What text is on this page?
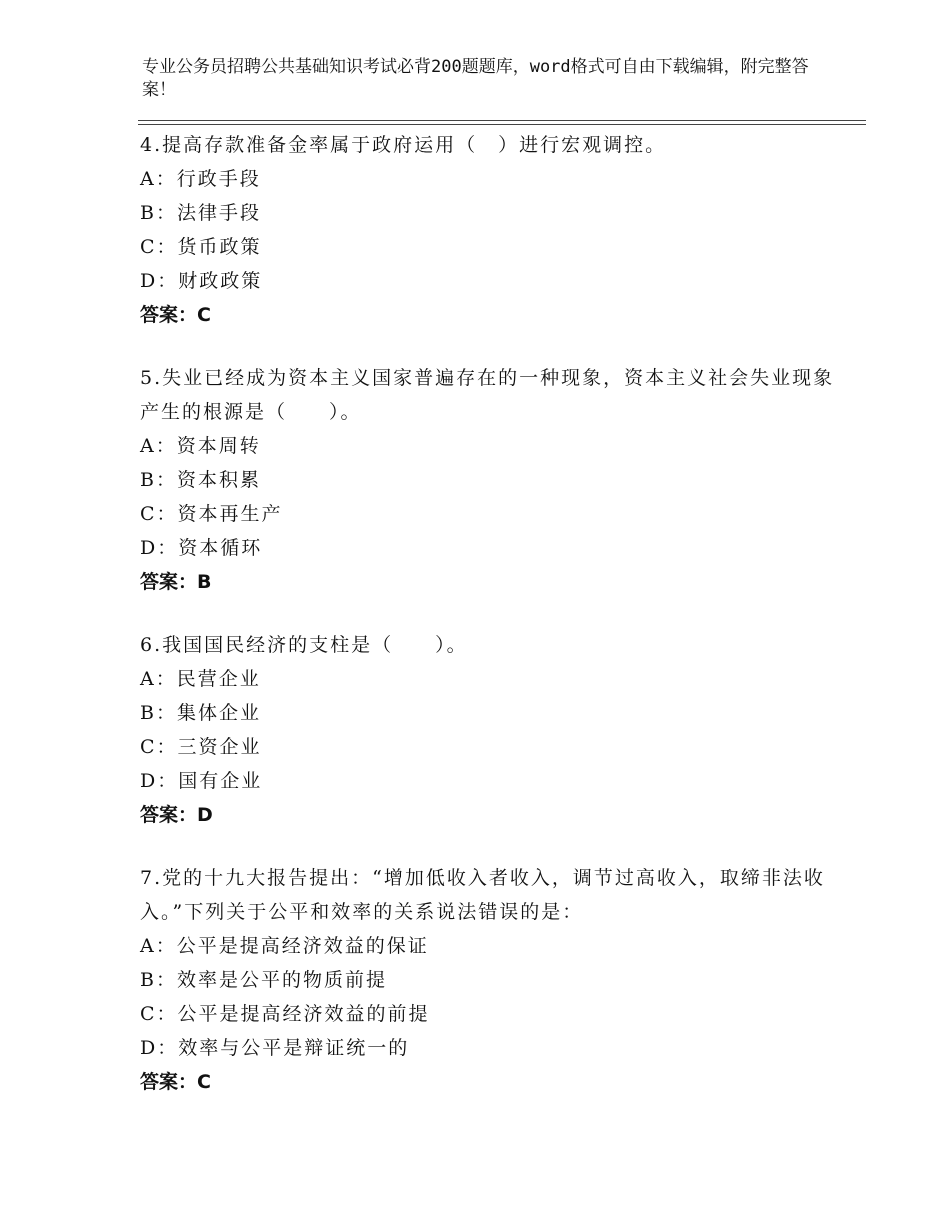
专业公务员招聘公共基础知识考试必背200题题库，word格式可自由下载编辑，附完整答案！

4.提高存款准备金率属于政府运用（　）进行宏观调控。

A：行政手段

B：法律手段

C：货币政策

D：财政政策

答案：C

5.失业已经成为资本主义国家普遍存在的一种现象，资本主义社会失业现象产生的根源是（　　）。

A：资本周转

B：资本积累

C：资本再生产

D：资本循环

答案：B

6.我国国民经济的支柱是（　　）。

A：民营企业

B：集体企业

C：三资企业

D：国有企业

答案：D

7.党的十九大报告提出：“增加低收入者收入，调节过高收入，取缔非法收入。”下列关于公平和效率的关系说法错误的是：

A：公平是提高经济效益的保证

B：效率是公平的物质前提

C：公平是提高经济效益的前提

D：效率与公平是辩证统一的

答案：C
